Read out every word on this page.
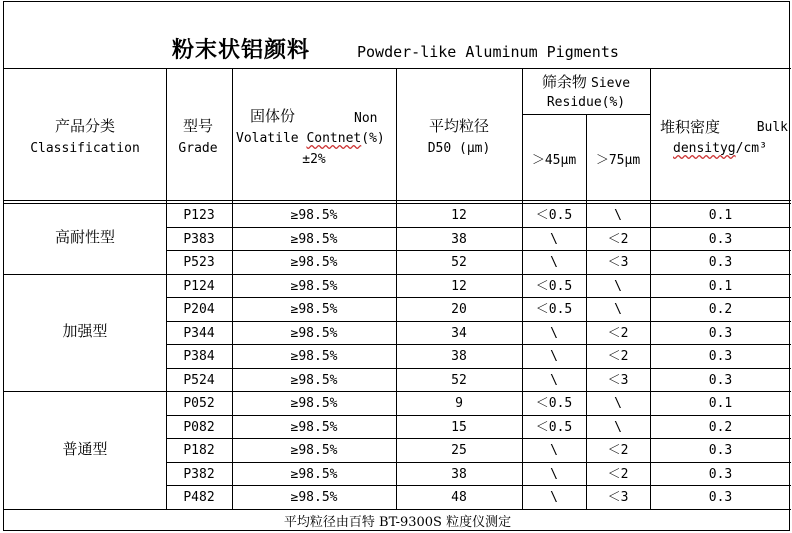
粉末状铝颜料	Powder-like Aluminum Pigments
产品分类
Classification
型号
Grade
固体份	Non
Volatile Contnet(%)
±2%
平均粒径
D50 (μm)
筛余物 Sieve
Residue(%)
＞45μm	＞75μm
堆积密度	Bulk
densityg/cm³
平均粒径由百特 BT-9300S 粒度仪测定
高耐性型
P123	≥98.5%	12	＜0.5	\	0.1
P383	≥98.5%	38	\	＜2	0.3
P523	≥98.5%	52	\	＜3	0.3
加强型
P124	≥98.5%	12	＜0.5	\	0.1
P204	≥98.5%	20	＜0.5	\	0.2
P344	≥98.5%	34	\	＜2	0.3
P384	≥98.5%	38	\	＜2	0.3
P524	≥98.5%	52	\	＜3	0.3
普通型
P052	≥98.5%	9	＜0.5	\	0.1
P082	≥98.5%	15	＜0.5	\	0.2
P182	≥98.5%	25	\	＜2	0.3
P382	≥98.5%	38	\	＜2	0.3
P482	≥98.5%	48	\	＜3	0.3
